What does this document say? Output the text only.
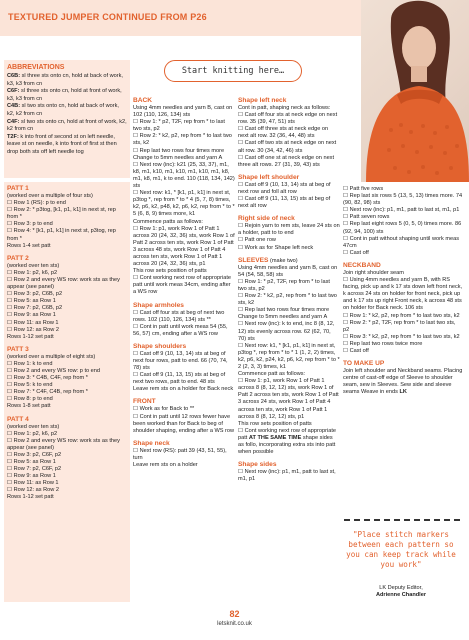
TEXTURED JUMPER CONTINUED FROM P26
ABBREVIATIONS
C6B: sl three sts onto cn, hold at back of work, k3, k3 from cn
C6F: sl three sts onto cn, hold at front of work, k3, k3 from cn
C4B: sl two sts onto cn, hold at back of work, k2, k2 from cn
C4F: sl two sts onto cn, hold at front of work, k2, k2 from cn
T2F: k into front of second st on left needle, leave st on needle, k into front of first st then drop both sts off left needle tog
PATT 1

(worked over a multiple of four sts)

☐ Row 1 (RS): p to end

☐ Row 2: * p3tog, [k1, p1, k1] in next st, rep from *

☐ Row 3: p to end

☐ Row 4: * [k1, p1, k1] in next st, p3tog, rep from *

Rows 1-4 set patt

PATT 2

(worked over ten sts)

☐ Row 1: p2, k6, p2

☐ Row 2 and every WS row: work sts as they appear (see panel)

☐ Row 3: p2, C6B, p2

☐ Row 5: as Row 1

☐ Row 7: p2, C6B, p2

☐ Row 9: as Row 1

☐ Row 11: as Row 1

☐ Row 12: as Row 2

Rows 1-12 set patt

PATT 3

(worked over a multiple of eight sts)

☐ Row 1: k to end

☐ Row 2 and every WS row: p to end

☐ Row 3: * C4B, C4F, rep from *

☐ Row 5: k to end

☐ Row 7: * C4F, C4B, rep from *

☐ Row 8: p to end

Rows 1-8 set patt

PATT 4

(worked over ten sts)

☐ Row 1: p2, k6, p2

☐ Row 2 and every WS row: work sts as they appear (see panel)

☐ Row 3: p2, C6F, p2

☐ Row 5: as Row 1

☐ Row 7: p2, C6F, p2

☐ Row 9: as Row 1

☐ Row 11: as Row 1

☐ Row 12: as Row 2

Rows 1-12 set patt

Start knitting here…
BACK

Using 4mm needles and yarn B, cast on 102 (110, 126, 134) sts

☐ Row 1: * p2, T2F, rep from * to last two sts, p2

☐ Row 2: * k2, p2, rep from * to last two sts, k2

☐ Rep last two rows four times more

Change to 5mm needles and yarn A

☐ Next row (inc): k21 (25, 33, 37), m1, k8, m1, k10, m1, k10, m1, k10, m1, k8, m1, k8, m1, k to end. 110 (118, 134, 142) sts

☐ Next row: k1, * [k1, p1, k1] in next st, p3tog *, rep from * to * 4 (5, 7, 8) times, k2, p6, k2, p48, k2, p6, k2, rep from * to * 5 (6, 8, 9) times more, k1

Commence patts as follows:

☐ Row 1: p1, work Row 1 of Patt 1 across 20 (24, 32, 36) sts, work Row 1 of Patt 2 across ten sts, work Row 1 of Patt 3 across 48 sts, work Row 1 of Patt 4 across ten sts, work Row 1 of Patt 1 across 20 (24, 32, 36) sts, p1

This row sets position of patts

☐ Cont working next row of appropriate patt until work meas 34cm, ending after a WS row

Shape armholes

☐ Cast off four sts at beg of next two rows. 102 (110, 126, 134) sts **

☐ Cont in patt until work meas 54 (55, 56, 57) cm, ending after a WS row

Shape shoulders

☐ Cast off 9 (10, 13, 14) sts at beg of next four rows, patt to end. 66 (70, 74, 78) sts

☐ Cast off 9 (11, 13, 15) sts at beg of next two rows, patt to end. 48 sts

Leave rem sts on a holder for Back neck

FRONT

☐ Work as for Back to **

☐ Cont in patt until 12 rows fewer have been worked than for Back to beg of shoulder shaping, ending after a WS row

Shape neck

☐ Next row (RS): patt 39 (43, 51, 55), turn

Leave rem sts on a holder

Shape left neck

Cont in patt, shaping neck as follows:

☐ Cast off four sts at neck edge on next row. 35 (39, 47, 51) sts

☐ Cast off three sts at neck edge on next alt row. 32 (36, 44, 48) sts

☐ Cast off two sts at neck edge on next alt row. 30 (34, 42, 46) sts

☐ Cast off one st at neck edge on next three alt rows. 27 (31, 39, 43) sts

Shape left shoulder

☐ Cast off 9 (10, 13, 14) sts at beg of next row and foll alt row

☐ Cast off 9 (11, 13, 15) sts at beg of next alt row

Right side of neck

☐ Rejoin yarn to rem sts, leave 24 sts on a holder, patt to to end

☐ Patt one row

☐ Work as for Shape left neck

SLEEVES (make two)

Using 4mm needles and yarn B, cast on 54 (54, 58, 58) sts

☐ Row 1: * p2, T2F, rep from * to last two sts, p2

☐ Row 2: * k2, p2, rep from * to last two sts, k2

☐ Rep last two rows four times more

Change to 5mm needles and yarn A

☐ Next row (inc): k to end, inc 8 (8, 12, 12) sts evenly across row. 62 (62, 70, 70) sts

☐ Next row: k1, * [k1, p1, k1] in next st, p3tog *, rep from * to * 1 (1, 2, 2) times, k2, p6, k2, p24, k2, p6, k2, rep from * to * 2 (2, 3, 3) times, k1

Commence patt as follows:

☐ Row 1: p1, work Row 1 of Patt 1 across 8 (8, 12, 12) sts, work Row 1 of Patt 2 across ten sts, work Row 1 of Patt 3 across 24 sts, work Row 1 of Patt 4 across ten sts, work Row 1 of Patt 1 across 8 (8, 12, 12) sts, p1

This row sets position of patts

☐ Cont working next row of appropriate patt AT THE SAME TIME shape sides as follo, incorporating extra sts into patt when possible

Shape sides

☐ Next row (inc): p1, m1, patt to last st, m1, p1

☐ Patt five rows

☐ Rep last six rows 5 (13, 5, 13) times more. 74 (90, 82, 98) sts

☐ Next row (inc): p1, m1, patt to last st, m1, p1

☐ Patt seven rows

☐ Rep last eight rows 5 (0, 5, 0) times more. 86 (92, 94, 100) sts

☐ Cont in patt without shaping until work meas 47cm

☐ Cast off

NECKBAND

Join right shoulder seam

☐ Using 4mm needles and yarn B, with RS facing, pick up and k 17 sts down left front neck, k across 24 sts on holder for front neck, pick up and k 17 sts up right Front neck, k across 48 sts on holder for Back neck. 106 sts

☐ Row 1: * k2, p2, rep from * to last two sts, k2

☐ Row 2: * p2, T2F, rep from * to last two sts, p2

☐ Row 3: * k2, p2, rep from * to last two sts, k2

☐ Rep last two rows twice more

☐ Cast off

TO MAKE UP
Join left shoulder and Neckband seams. Placing centre of cast-off edge of Sleeve to shoulder seam, sew in Sleeves. Sew side and sleeve seams Weave in ends LK
"Place stitch markers between each pattern so you can keep track while you work"
LK Deputy Editor,
Adrienne Chandler
82
letsknit.co.uk
